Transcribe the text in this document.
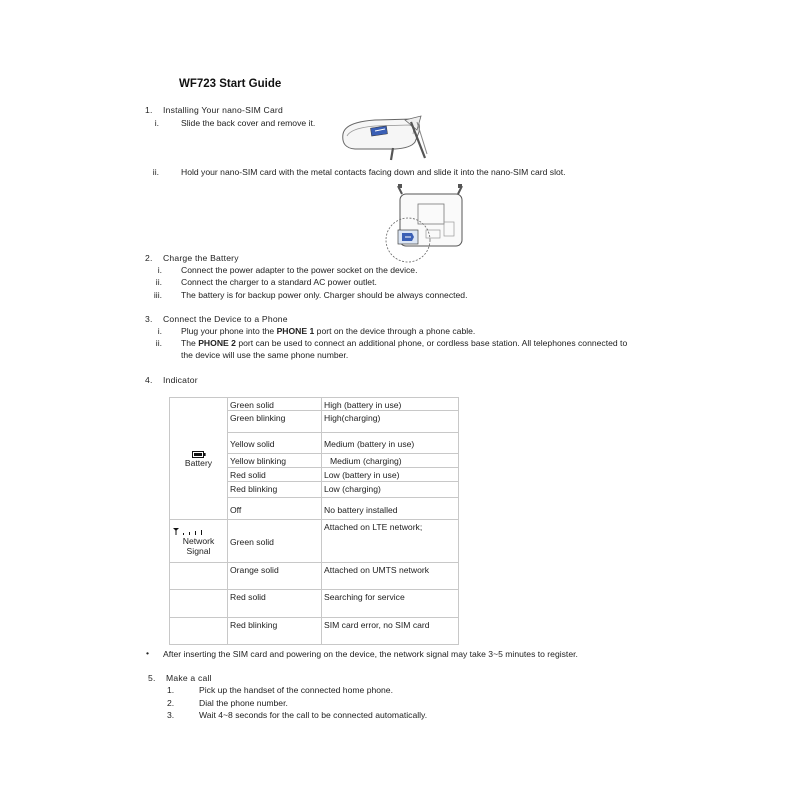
WF723 Start Guide
1. Installing Your nano-SIM Card
i.	Slide the back cover and remove it.
ii.	Hold your nano-SIM card with the metal contacts facing down and slide it into the nano-SIM card slot.
2. Charge the Battery
i. Connect the power adapter to the power socket on the device.
ii. Connect the charger to a standard AC power outlet.
iii. The battery is for backup power only. Charger should be always connected.
3. Connect the Device to a Phone
i. Plug your phone into the PHONE 1 port on the device through a phone cable.
ii. The PHONE 2 port can be used to connect an additional phone, or cordless base station. All telephones connected to
the device will use the same phone number.
4. Indicator
Battery	Green solid	High (battery in use)
	Green blinking	High(charging)
	Yellow solid	Medium (battery in use)
	Yellow blinking	Medium (charging)
	Red solid	Low (battery in use)
	Red blinking	Low (charging)
	Off	No battery installed

Network
Signal	Green solid	Attached on LTE network;
	Orange solid	Attached on UMTS network
	Red solid	Searching for service
	Red blinking	SIM card error, no SIM card
• After inserting the SIM card and powering on the device, the network signal may take 3~5 minutes to register.
5. Make a call
1.	Pick up the handset of the connected home phone.
2.	Dial the phone number.
3.	Wait 4~8 seconds for the call to be connected automatically.
